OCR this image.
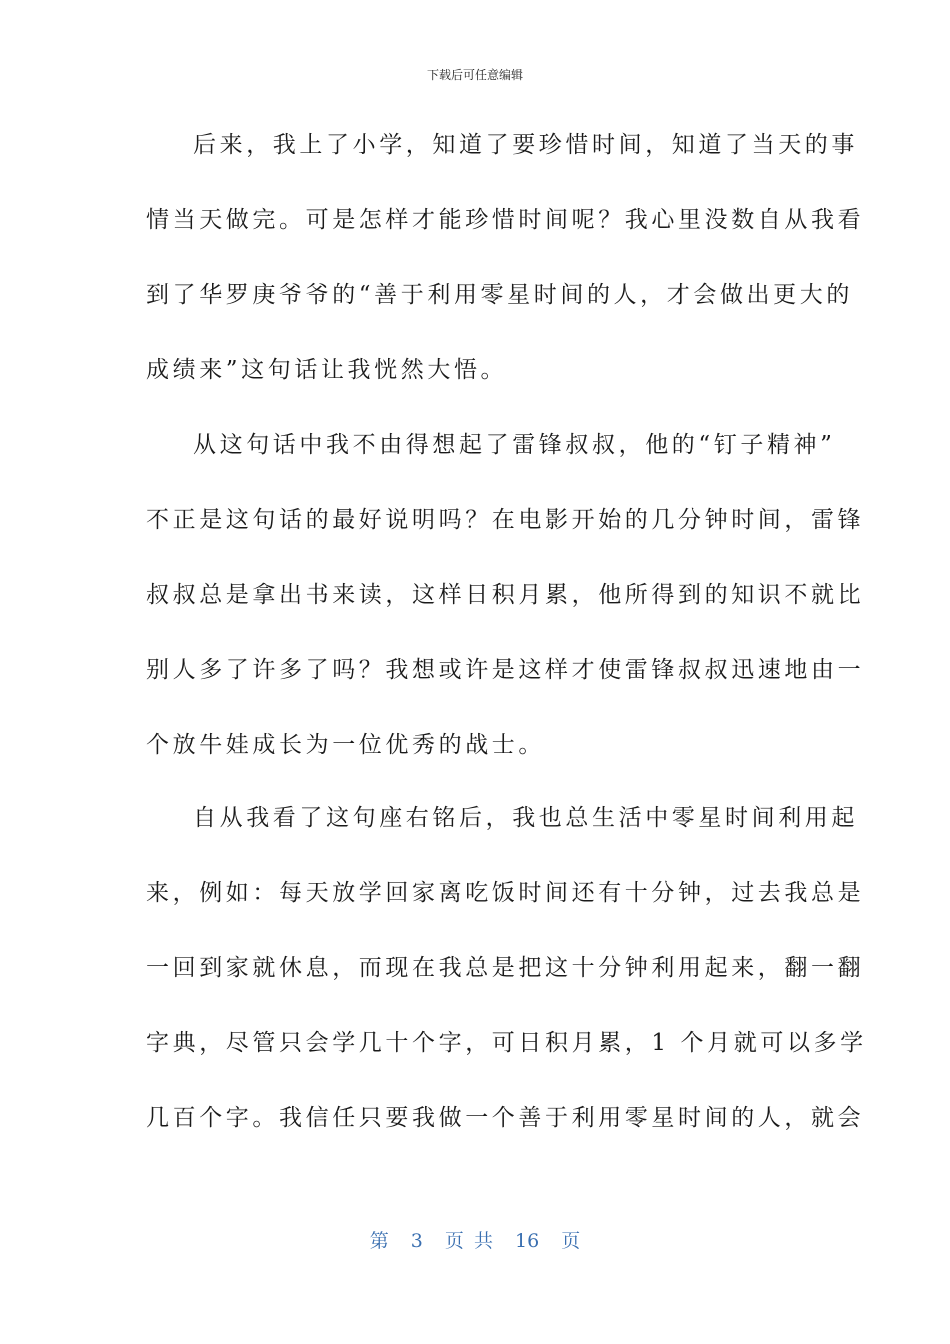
下载后可任意编辑
后来，我上了小学，知道了要珍惜时间，知道了当天的事
情当天做完。可是怎样才能珍惜时间呢？我心里没数自从我看
到了华罗庚爷爷的“善于利用零星时间的人，才会做出更大的
成绩来”这句话让我恍然大悟。
从这句话中我不由得想起了雷锋叔叔，他的“钉子精神”
不正是这句话的最好说明吗？在电影开始的几分钟时间，雷锋
叔叔总是拿出书来读，这样日积月累，他所得到的知识不就比
别人多了许多了吗？我想或许是这样才使雷锋叔叔迅速地由一
个放牛娃成长为一位优秀的战士。
自从我看了这句座右铭后，我也总生活中零星时间利用起
来，例如：每天放学回家离吃饭时间还有十分钟，过去我总是
一回到家就休息，而现在我总是把这十分钟利用起来，翻一翻
字典，尽管只会学几十个字，可日积月累，1 个月就可以多学
几百个字。我信任只要我做一个善于利用零星时间的人，就会
第 3 页 共 16 页
